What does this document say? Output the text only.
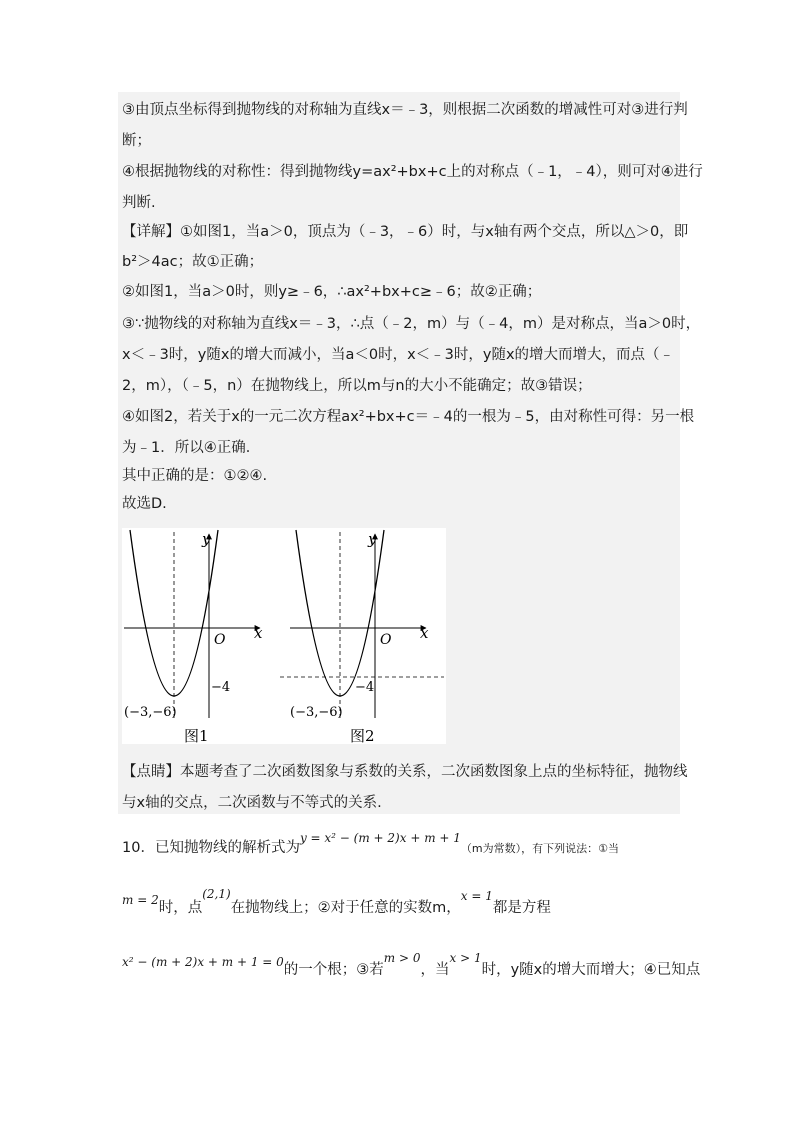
③由顶点坐标得到抛物线的对称轴为直线x＝﹣3，则根据二次函数的增减性可对③进行判
断；
④根据抛物线的对称性：得到抛物线y=ax²+bx+c上的对称点（﹣1，﹣4），则可对④进行
判断.
【详解】①如图1，当a＞0，顶点为（﹣3，﹣6）时，与x轴有两个交点，所以△＞0，即
b²＞4ac；故①正确；
②如图1，当a＞0时，则y≥﹣6，∴ax²+bx+c≥﹣6；故②正确；
③∵抛物线的对称轴为直线x＝﹣3，∴点（﹣2，m）与（﹣4，m）是对称点，当a＞0时，
x＜﹣3时，y随x的增大而减小，当a＜0时，x＜﹣3时，y随x的增大而增大，而点（﹣
2，m），（﹣5，n）在抛物线上，所以m与n的大小不能确定；故③错误；
④如图2，若关于x的一元二次方程ax²+bx+c＝﹣4的一根为﹣5，由对称性可得：另一根
为﹣1．所以④正确．
其中正确的是：①②④.
故选D.
y
x
O
−4
(−3,−6)
图1
y
x
O
−4
(−3,−6)
图2
【点睛】本题考查了二次函数图象与系数的关系，二次函数图象上点的坐标特征，抛物线
与x轴的交点，二次函数与不等式的关系.
10．已知抛物线的解析式为$^{y = x^2 - (m + 2)x + m + 1}$（m为常数），有下列说法：①当
$^{m = 2}$时，点$^{(2,1)}$在抛物线上；②对于任意的实数m，$^{x = 1}$都是方程
$^{x^2 - (m + 2)x + m + 1 = 0}$的一个根；③若$^{m > 0}$，当$^{x > 1}$时，y随x的增大而增大；④已知点
